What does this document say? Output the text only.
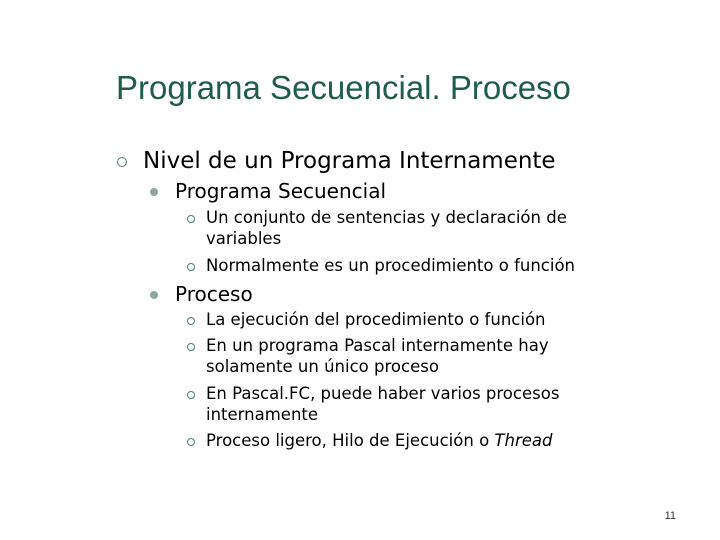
Programa Secuencial. Proceso
Nivel de un Programa Internamente
Programa Secuencial
Un conjunto de sentencias y declaración de
variables
Normalmente es un procedimiento o función
Proceso
La ejecución del procedimiento o función
En un programa Pascal internamente hay
solamente un único proceso
En Pascal.FC, puede haber varios procesos
internamente
Proceso ligero, Hilo de Ejecución o Thread
11
